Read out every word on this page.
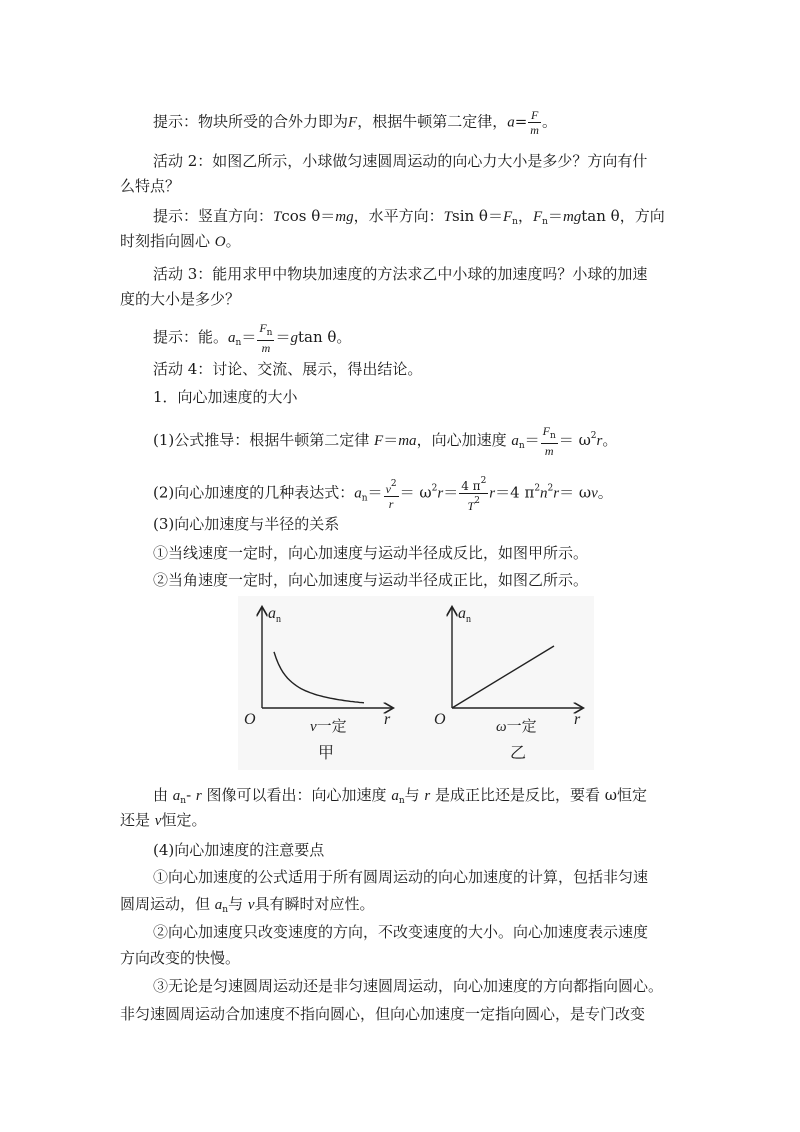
提示：物块所受的合外力即为F，根据牛顿第二定律，$a= \frac{F}{m}$ 。
活动 2：如图乙所示，小球做匀速圆周运动的向心力大小是多少？方向有什
么特点？
提示：竖直方向：Tcos θ＝mg，水平方向：Tsin $\theta=F_n$，$F_n=mgtan$ θ，方向
时刻指向圆心 O。
活动 3：能用求甲中物块加速度的方法求乙中小球的加速度吗？小球的加速
度的大小是多少？
提示：能。$a_n= \frac{F_n}{m} =gtan$ θ。
活动 4：讨论、交流、展示，得出结论。
1．向心加速度的大小
(1)公式推导：根据牛顿第二定律 F＝ma，向心加速度 $a_n= \frac{F_n}{m} = \omega^2r$。
(2)向心加速度的几种表达式：$a_n= \frac{v^2}{r} = \omega^2r= \frac{4 \pi^2}{T^2} r=4$ $\pi^2n^2r= \omega v$。
(3)向心加速度与半径的关系
①当线速度一定时，向心加速度与运动半径成反比，如图甲所示。
②当角速度一定时，向心加速度与运动半径成正比，如图乙所示。
$a_n$
O	r
v一定
甲
$a_n$
O	r
ω一定
乙
由 $a_n-$ r 图像可以看出：向心加速度 $a_n$与 r 是成正比还是反比，要看 ω恒定
还是 v恒定。
(4)向心加速度的注意要点
①向心加速度的公式适用于所有圆周运动的向心加速度的计算，包括非匀速
圆周运动，但 $a_n$与 v具有瞬时对应性。
②向心加速度只改变速度的方向，不改变速度的大小。向心加速度表示速度
方向改变的快慢。
③无论是匀速圆周运动还是非匀速圆周运动，向心加速度的方向都指向圆心。
非匀速圆周运动合加速度不指向圆心，但向心加速度一定指向圆心，是专门改变
